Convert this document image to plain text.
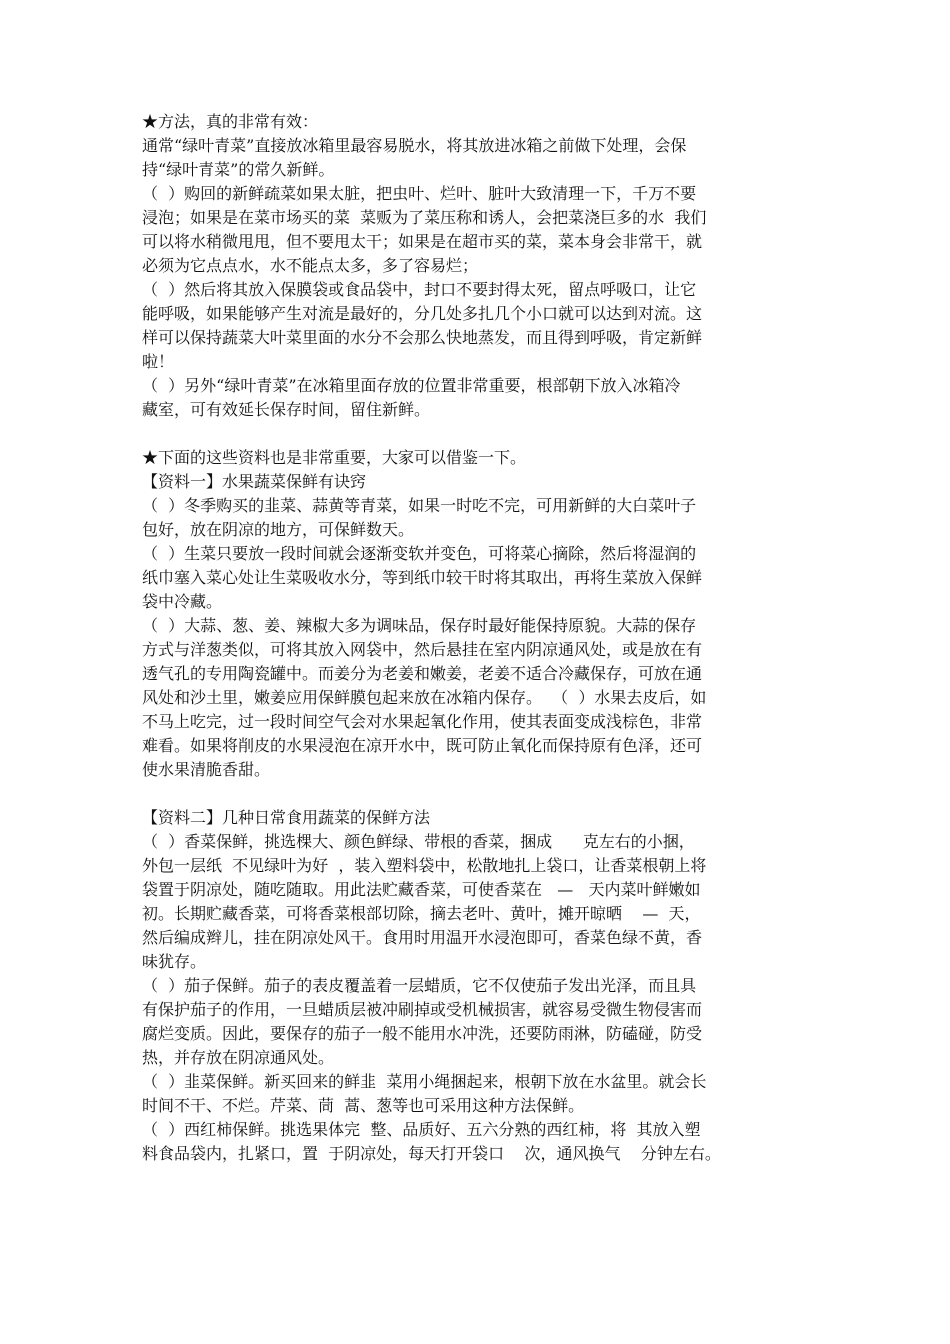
★方法，真的非常有效：
通常“绿叶青菜”直接放冰箱里最容易脱水，将其放进冰箱之前做下处理，会保
持“绿叶青菜”的常久新鲜。
（  ）购回的新鲜疏菜如果太脏，把虫叶、烂叶、脏叶大致清理一下，千万不要
浸泡；如果是在菜市场买的菜  菜贩为了菜压称和诱人，会把菜浇巨多的水  我们
可以将水稍微甩甩，但不要甩太干；如果是在超市买的菜，菜本身会非常干，就
必须为它点点水，水不能点太多，多了容易烂；
（  ）然后将其放入保膜袋或食品袋中，封口不要封得太死，留点呼吸口，让它
能呼吸，如果能够产生对流是最好的，分几处多扎几个小口就可以达到对流。这
样可以保持蔬菜大叶菜里面的水分不会那么快地蒸发，而且得到呼吸，肯定新鲜
啦！
（  ）另外“绿叶青菜”在冰箱里面存放的位置非常重要，根部朝下放入冰箱冷
藏室，可有效延长保存时间，留住新鲜。
★下面的这些资料也是非常重要，大家可以借鉴一下。
【资料一】水果蔬菜保鲜有诀窍
（  ）冬季购买的韭菜、蒜黄等青菜，如果一时吃不完，可用新鲜的大白菜叶子
包好，放在阴凉的地方，可保鲜数天。
（  ）生菜只要放一段时间就会逐渐变软并变色，可将菜心摘除，然后将湿润的
纸巾塞入菜心处让生菜吸收水分，等到纸巾较干时将其取出，再将生菜放入保鲜
袋中冷藏。
（  ）大蒜、葱、姜、辣椒大多为调味品，保存时最好能保持原貌。大蒜的保存
方式与洋葱类似，可将其放入网袋中，然后悬挂在室内阴凉通风处，或是放在有
透气孔的专用陶瓷罐中。而姜分为老姜和嫩姜，老姜不适合冷藏保存，可放在通
风处和沙土里，嫩姜应用保鲜膜包起来放在冰箱内保存。  （  ）水果去皮后，如
不马上吃完，过一段时间空气会对水果起氧化作用，使其表面变成浅棕色，非常
难看。如果将削皮的水果浸泡在凉开水中，既可防止氧化而保持原有色泽，还可
使水果清脆香甜。
【资料二】几种日常食用蔬菜的保鲜方法
（  ）香菜保鲜，挑选棵大、颜色鲜绿、带根的香菜，捆成      克左右的小捆，
外包一层纸  不见绿叶为好  ，装入塑料袋中，松散地扎上袋口，让香菜根朝上将
袋置于阴凉处，随吃随取。用此法贮藏香菜，可使香菜在   —   天内菜叶鲜嫩如
初。长期贮藏香菜，可将香菜根部切除，摘去老叶、黄叶，摊开晾晒    —  天，
然后编成辫儿，挂在阴凉处风干。食用时用温开水浸泡即可，香菜色绿不黄，香
味犹存。
（  ）茄子保鲜。茄子的表皮覆盖着一层蜡质，它不仅使茄子发出光泽，而且具
有保护茄子的作用，一旦蜡质层被冲刷掉或受机械损害，就容易受微生物侵害而
腐烂变质。因此，要保存的茄子一般不能用水冲洗，还要防雨淋，防磕碰，防受
热，并存放在阴凉通风处。
（  ）韭菜保鲜。新买回来的鲜韭  菜用小绳捆起来，根朝下放在水盆里。就会长
时间不干、不烂。芹菜、茼  蒿、葱等也可采用这种方法保鲜。
（  ）西红柿保鲜。挑选果体完  整、品质好、五六分熟的西红柿，将  其放入塑
料食品袋内，扎紧口，置  于阴凉处，每天打开袋口    次，通风换气    分钟左右。
